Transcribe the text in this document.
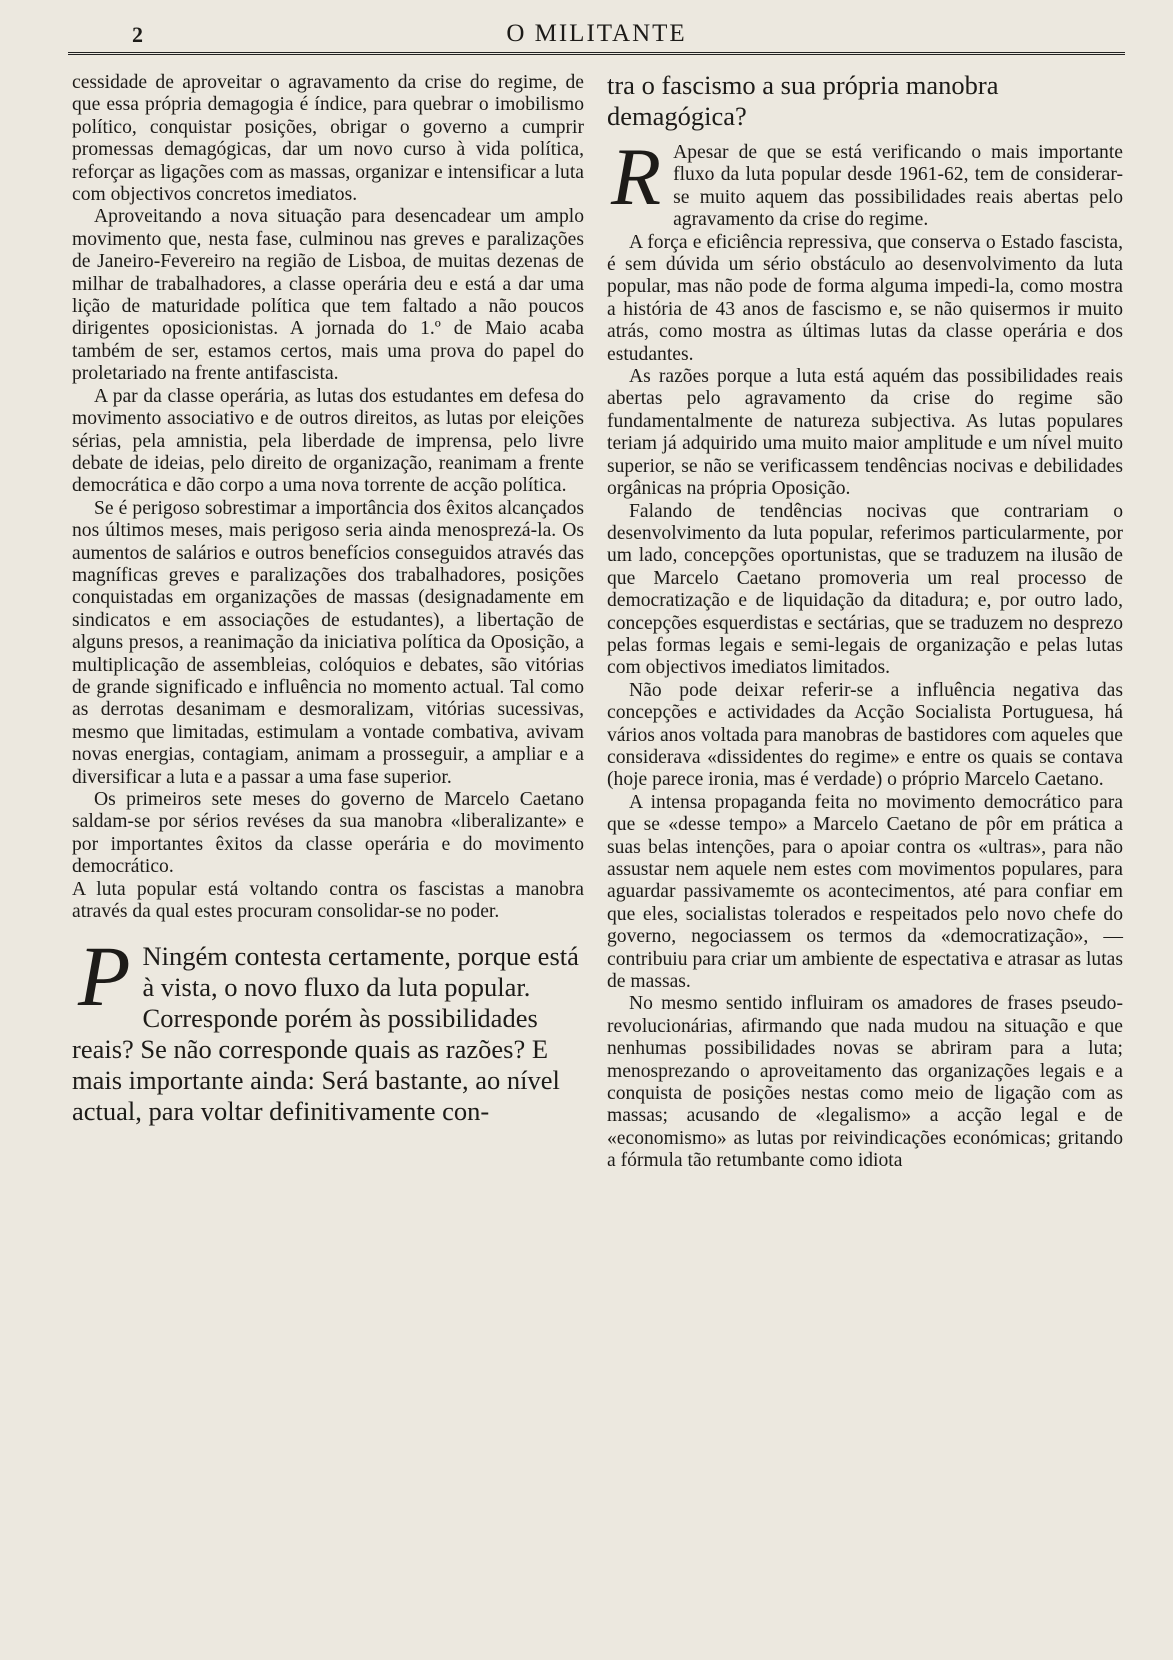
2	O MILITANTE

cessidade de aproveitar o agravamento da crise do regime, de que essa própria demagogia é índice, para quebrar o imobilismo político, conquistar posições, obrigar o governo a cumprir promessas demagógicas, dar um novo curso à vida política, reforçar as ligações com as massas, organizar e intensificar a luta com objectivos concretos imediatos.

Aproveitando a nova situação para desencadear um amplo movimento que, nesta fase, culminou nas greves e paralizações de Janeiro-Fevereiro na região de Lisboa, de muitas dezenas de milhar de trabalhadores, a classe operária deu e está a dar uma lição de maturidade política que tem faltado a não poucos dirigentes oposicionistas. A jornada do 1.º de Maio acaba também de ser, estamos certos, mais uma prova do papel do proletariado na frente antifascista.

A par da classe operária, as lutas dos estudantes em defesa do movimento associativo e de outros direitos, as lutas por eleições sérias, pela amnistia, pela liberdade de imprensa, pelo livre debate de ideias, pelo direito de organização, reanimam a frente democrática e dão corpo a uma nova torrente de acção política.

Se é perigoso sobrestimar a importância dos êxitos alcançados nos últimos meses, mais perigoso seria ainda menosprezá-la. Os aumentos de salários e outros benefícios conseguidos através das magníficas greves e paralizações dos trabalhadores, posições conquistadas em organizações de massas (designadamente em sindicatos e em associações de estudantes), a libertação de alguns presos, a reanimação da iniciativa política da Oposição, a multiplicação de assembleias, colóquios e debates, são vitórias de grande significado e influência no momento actual. Tal como as derrotas desanimam e desmoralizam, vitórias sucessivas, mesmo que limitadas, estimulam a vontade combativa, avivam novas energias, contagiam, animam a prosseguir, a ampliar e a diversificar a luta e a passar a uma fase superior.

Os primeiros sete meses do governo de Marcelo Caetano saldam-se por sérios revéses da sua manobra «liberalizante» e por importantes êxitos da classe operária e do movimento democrático.

A luta popular está voltando contra os fascistas a manobra através da qual estes procuram consolidar-se no poder.

P Ningém contesta certamente, porque está à vista, o novo fluxo da luta popular. Corresponde porém às possibilidades reais? Se não corresponde quais as razões? E mais importante ainda: Será bastante, ao nível actual, para voltar definitivamente con-

tra o fascismo a sua própria manobra demagógica?

R Apesar de que se está verificando o mais importante fluxo da luta popular desde 1961-62, tem de considerar-se muito aquem das possibilidades reais abertas pelo agravamento da crise do regime.

A força e eficiência repressiva, que conserva o Estado fascista, é sem dúvida um sério obstáculo ao desenvolvimento da luta popular, mas não pode de forma alguma impedi-la, como mostra a história de 43 anos de fascismo e, se não quisermos ir muito atrás, como mostra as últimas lutas da classe operária e dos estudantes.

As razões porque a luta está aquém das possibilidades reais abertas pelo agravamento da crise do regime são fundamentalmente de natureza subjectiva. As lutas populares teriam já adquirido uma muito maior amplitude e um nível muito superior, se não se verificassem tendências nocivas e debilidades orgânicas na própria Oposição.

Falando de tendências nocivas que contrariam o desenvolvimento da luta popular, referimos particularmente, por um lado, concepções oportunistas, que se traduzem na ilusão de que Marcelo Caetano promoveria um real processo de democratização e de liquidação da ditadura; e, por outro lado, concepções esquerdistas e sectárias, que se traduzem no desprezo pelas formas legais e semi-legais de organização e pelas lutas com objectivos imediatos limitados.

Não pode deixar referir-se a influência negativa das concepções e actividades da Acção Socialista Portuguesa, há vários anos voltada para manobras de bastidores com aqueles que considerava «dissidentes do regime» e entre os quais se contava (hoje parece ironia, mas é verdade) o próprio Marcelo Caetano.

A intensa propaganda feita no movimento democrático para que se «desse tempo» a Marcelo Caetano de pôr em prática a suas belas intenções, para o apoiar contra os «ultras», para não assustar nem aquele nem estes com movimentos populares, para aguardar passivamemte os acontecimentos, até para confiar em que eles, socialistas tolerados e respeitados pelo novo chefe do governo, negociassem os termos da «democratização», — contribuiu para criar um ambiente de espectativa e atrasar as lutas de massas.

No mesmo sentido influiram os amadores de frases pseudo-revolucionárias, afirmando que nada mudou na situação e que nenhumas possibilidades novas se abriram para a luta; menosprezando o aproveitamento das organizações legais e a conquista de posições nestas como meio de ligação com as massas; acusando de «legalismo» a acção legal e de «economismo» as lutas por reivindicações económicas; gritando a fórmula tão retumbante como idiota
